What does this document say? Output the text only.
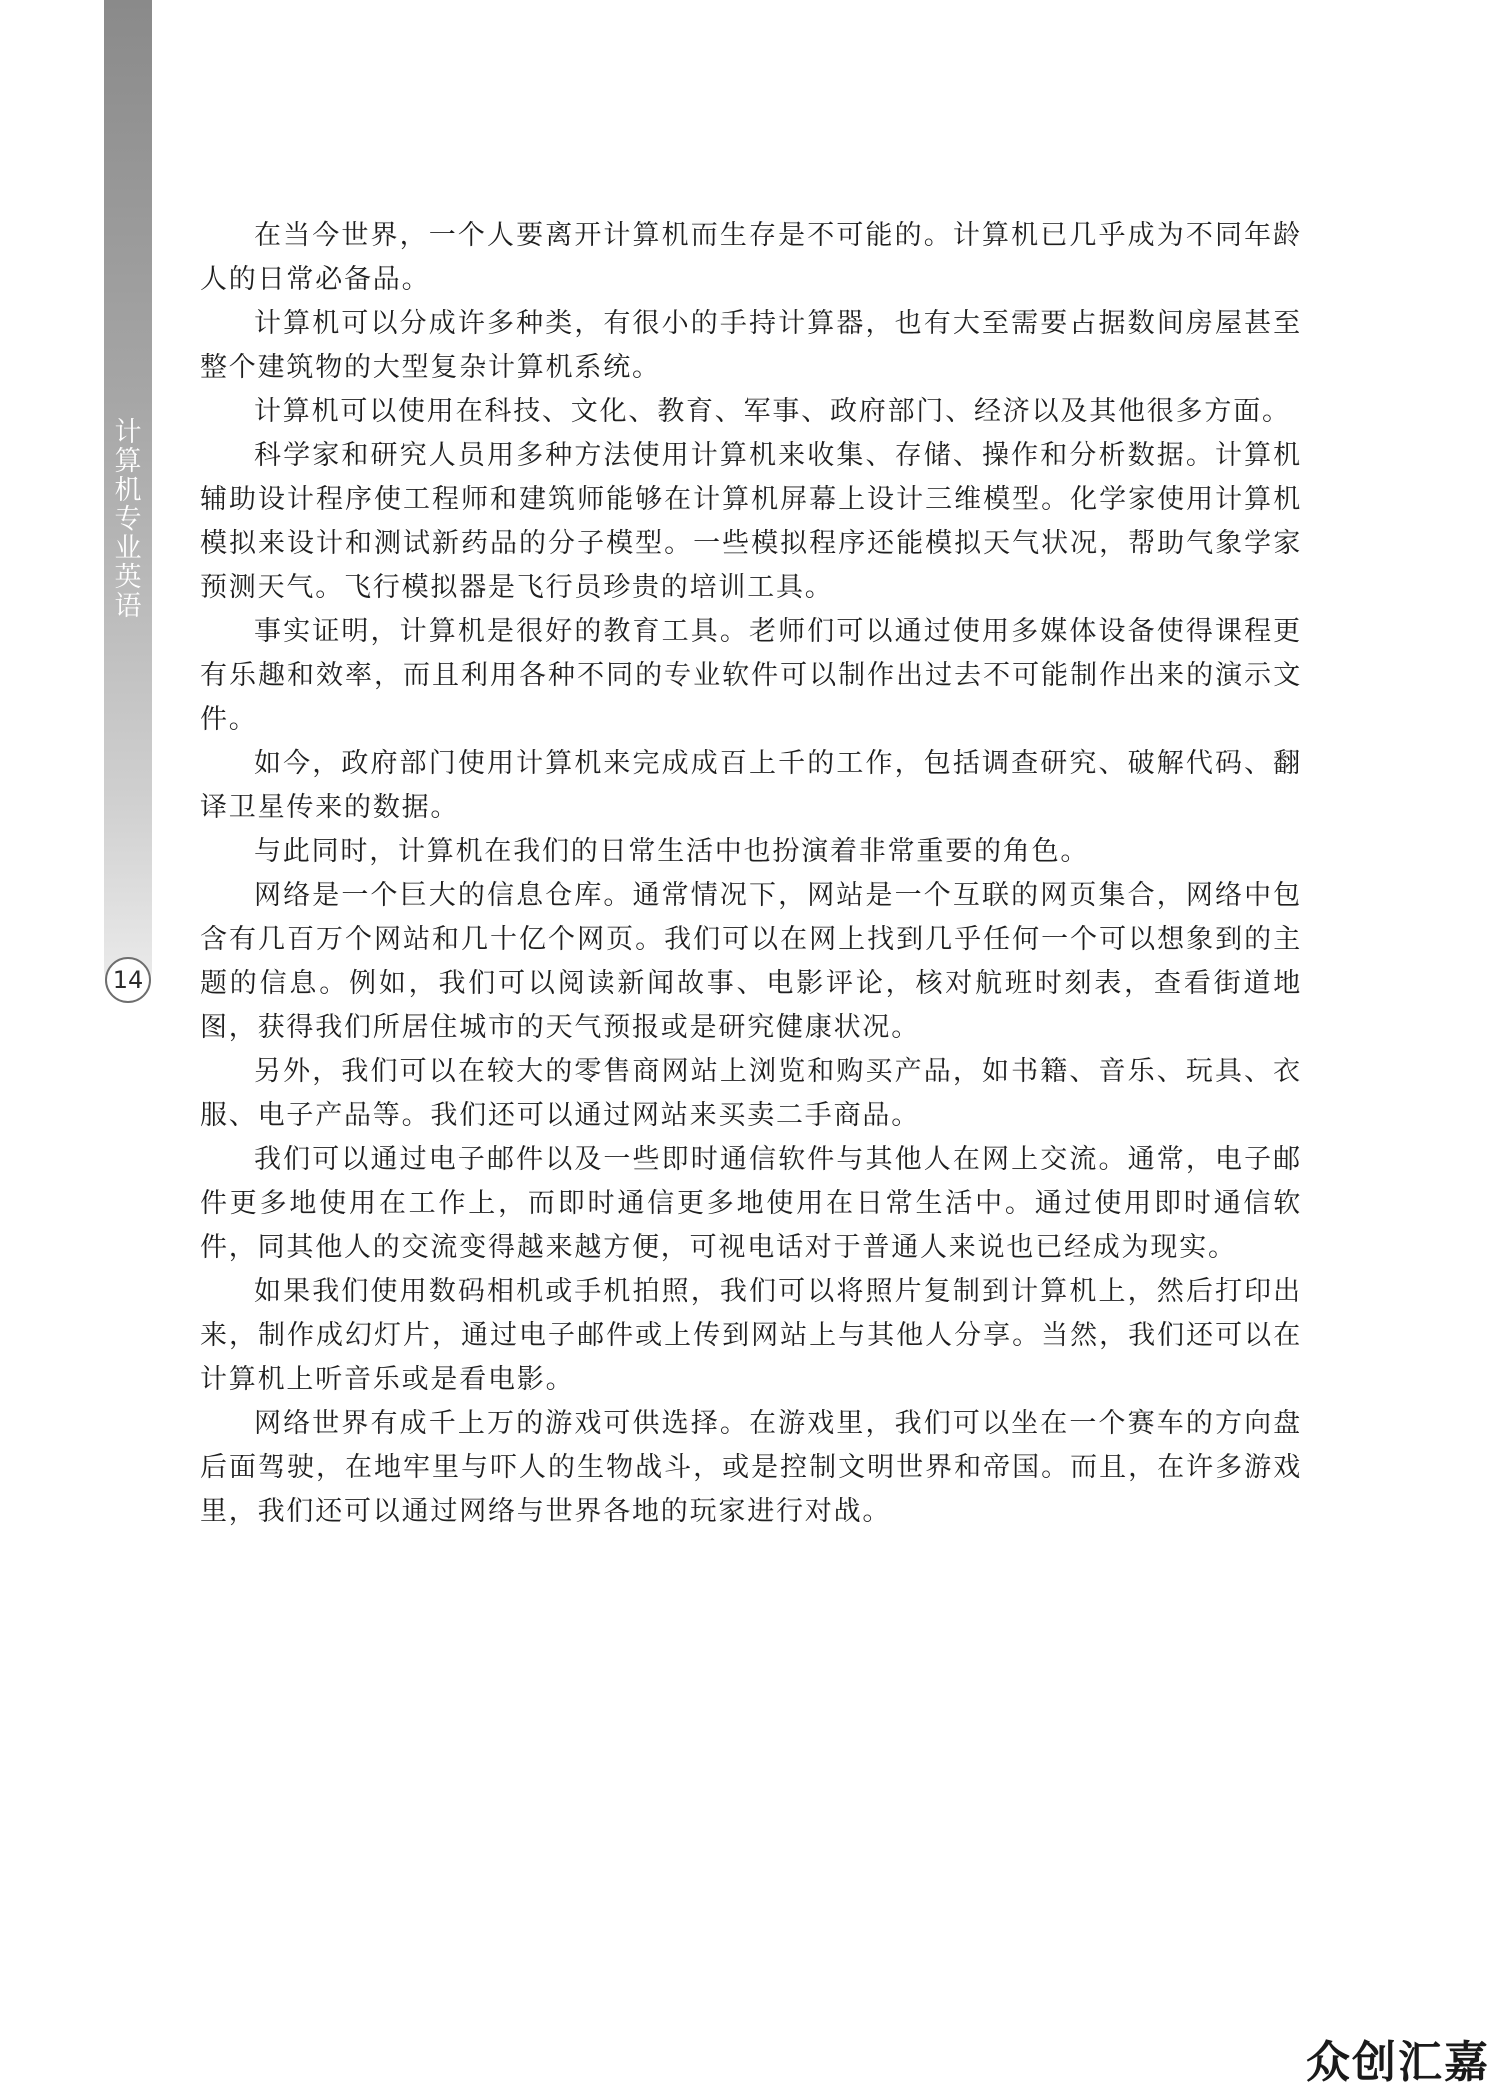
计
算
机
专
业
英
语
14

在当今世界，一个人要离开计算机而生存是不可能的。计算机已几乎成为不同年龄人的日常必备品。

计算机可以分成许多种类，有很小的手持计算器，也有大至需要占据数间房屋甚至整个建筑物的大型复杂计算机系统。

计算机可以使用在科技、文化、教育、军事、政府部门、经济以及其他很多方面。

科学家和研究人员用多种方法使用计算机来收集、存储、操作和分析数据。计算机辅助设计程序使工程师和建筑师能够在计算机屏幕上设计三维模型。化学家使用计算机模拟来设计和测试新药品的分子模型。一些模拟程序还能模拟天气状况，帮助气象学家预测天气。飞行模拟器是飞行员珍贵的培训工具。

事实证明，计算机是很好的教育工具。老师们可以通过使用多媒体设备使得课程更有乐趣和效率，而且利用各种不同的专业软件可以制作出过去不可能制作出来的演示文件。

如今，政府部门使用计算机来完成成百上千的工作，包括调查研究、破解代码、翻译卫星传来的数据。

与此同时，计算机在我们的日常生活中也扮演着非常重要的角色。

网络是一个巨大的信息仓库。通常情况下，网站是一个互联的网页集合，网络中包含有几百万个网站和几十亿个网页。我们可以在网上找到几乎任何一个可以想象到的主题的信息。例如，我们可以阅读新闻故事、电影评论，核对航班时刻表，查看街道地图，获得我们所居住城市的天气预报或是研究健康状况。

另外，我们可以在较大的零售商网站上浏览和购买产品，如书籍、音乐、玩具、衣服、电子产品等。我们还可以通过网站来买卖二手商品。

我们可以通过电子邮件以及一些即时通信软件与其他人在网上交流。通常，电子邮件更多地使用在工作上，而即时通信更多地使用在日常生活中。通过使用即时通信软件，同其他人的交流变得越来越方便，可视电话对于普通人来说也已经成为现实。

如果我们使用数码相机或手机拍照，我们可以将照片复制到计算机上，然后打印出来，制作成幻灯片，通过电子邮件或上传到网站上与其他人分享。当然，我们还可以在计算机上听音乐或是看电影。

网络世界有成千上万的游戏可供选择。在游戏里，我们可以坐在一个赛车的方向盘后面驾驶，在地牢里与吓人的生物战斗，或是控制文明世界和帝国。而且，在许多游戏里，我们还可以通过网络与世界各地的玩家进行对战。

众创汇嘉
